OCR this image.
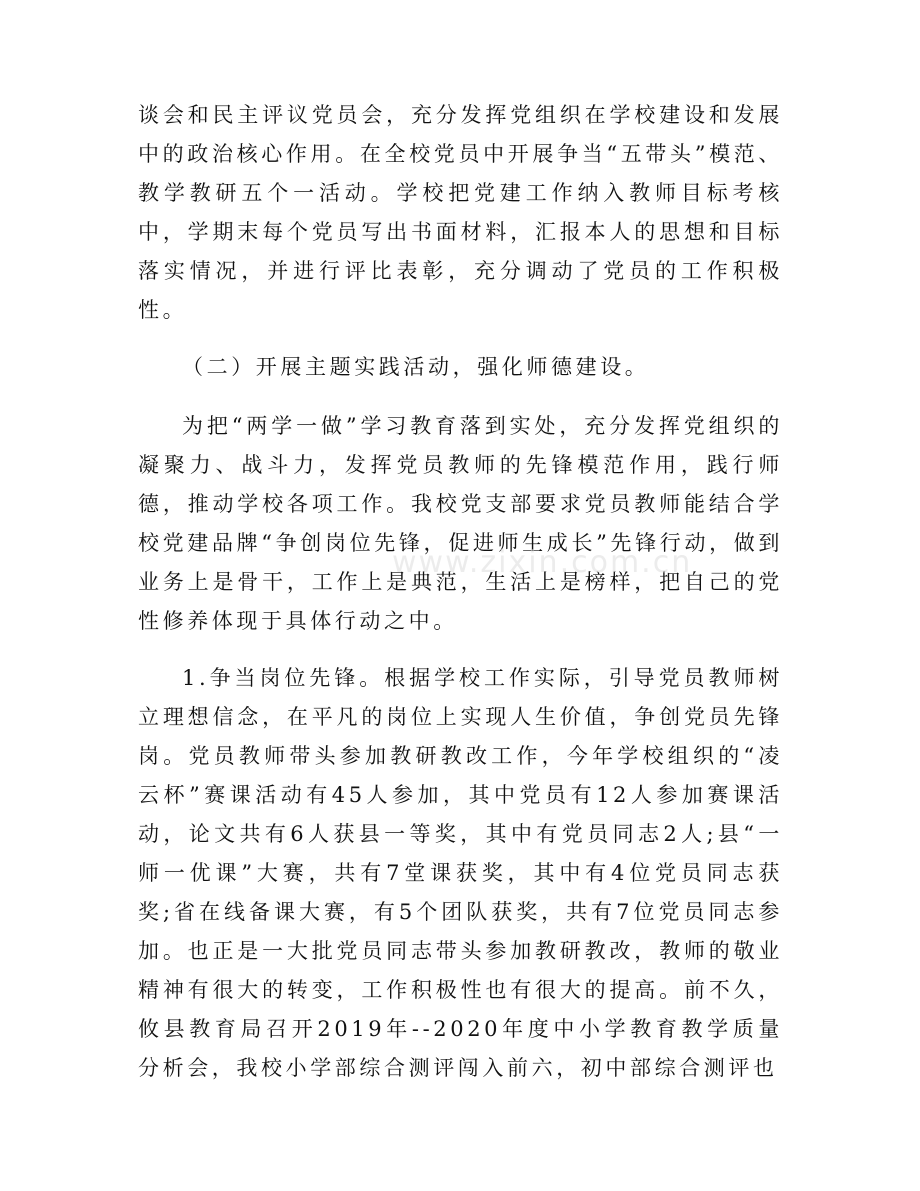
谈会和民主评议党员会，充分发挥党组织在学校建设和发展中的政治核心作用。在全校党员中开展争当“五带头”模范、教学教研五个一活动。学校把党建工作纳入教师目标考核中，学期末每个党员写出书面材料，汇报本人的思想和目标落实情况，并进行评比表彰，充分调动了党员的工作积极性。

（二）开展主题实践活动，强化师德建设。

为把“两学一做”学习教育落到实处，充分发挥党组织的凝聚力、战斗力，发挥党员教师的先锋模范作用，践行师德，推动学校各项工作。我校党支部要求党员教师能结合学校党建品牌“争创岗位先锋，促进师生成长”先锋行动，做到业务上是骨干，工作上是典范，生活上是榜样，把自己的党性修养体现于具体行动之中。

1.争当岗位先锋。根据学校工作实际，引导党员教师树立理想信念，在平凡的岗位上实现人生价值，争创党员先锋岗。党员教师带头参加教研教改工作，今年学校组织的“凌云杯”赛课活动有45人参加，其中党员有12人参加赛课活动，论文共有6人获县一等奖，其中有党员同志2人;县“一师一优课”大赛，共有7堂课获奖，其中有4位党员同志获奖;省在线备课大赛，有5个团队获奖，共有7位党员同志参加。也正是一大批党员同志带头参加教研教改，教师的敬业精神有很大的转变，工作积极性也有很大的提高。前不久，攸县教育局召开2019年--2020年度中小学教育教学质量分析会，我校小学部综合测评闯入前六，初中部综合测评也

www.zixin.com.cn
